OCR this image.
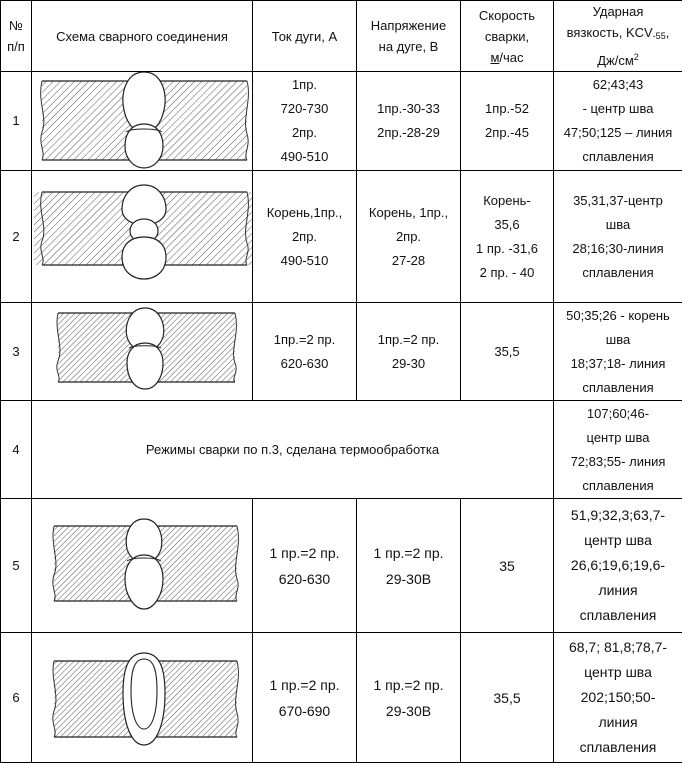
№
п/п	Схема сварного соединения	Ток дуги, А	Напряжение
на дуге, В	Скорость
сварки,
м/час	Ударная
вязкость, $KCV_{-55}$,
$Дж/см^2$

1		1пр.
720-730
2пр.
490-510	1пр.-30-33
2пр.-28-29	1пр.-52
2пр.-45	62;43;43
- центр шва
47;50;125 – линия
сплавления

2		Корень,1пр.,
2пр.
490-510	Корень, 1пр.,
2пр.
27-28	Корень-
35,6
1 пр. -31,6
2 пр. - 40	35,31,37-центр
шва
28;16;30-линия
сплавления

3		1пр.=2 пр.
620-630	1пр.=2 пр.
29-30	35,5	50;35;26 - корень
шва
18;37;18- линия
сплавления

4	Режимы сварки по п.3, сделана термообработка				107;60;46-
центр шва
72;83;55- линия
сплавления

5		1 пр.=2 пр.
620-630	1 пр.=2 пр.
29-30В	35	51,9;32,3;63,7-
центр шва
26,6;19,6;19,6-
линия
сплавления

6		1 пр.=2 пр.
670-690	1 пр.=2 пр.
29-30В	35,5	68,7; 81,8;78,7-
центр шва
202;150;50-
линия
сплавления
